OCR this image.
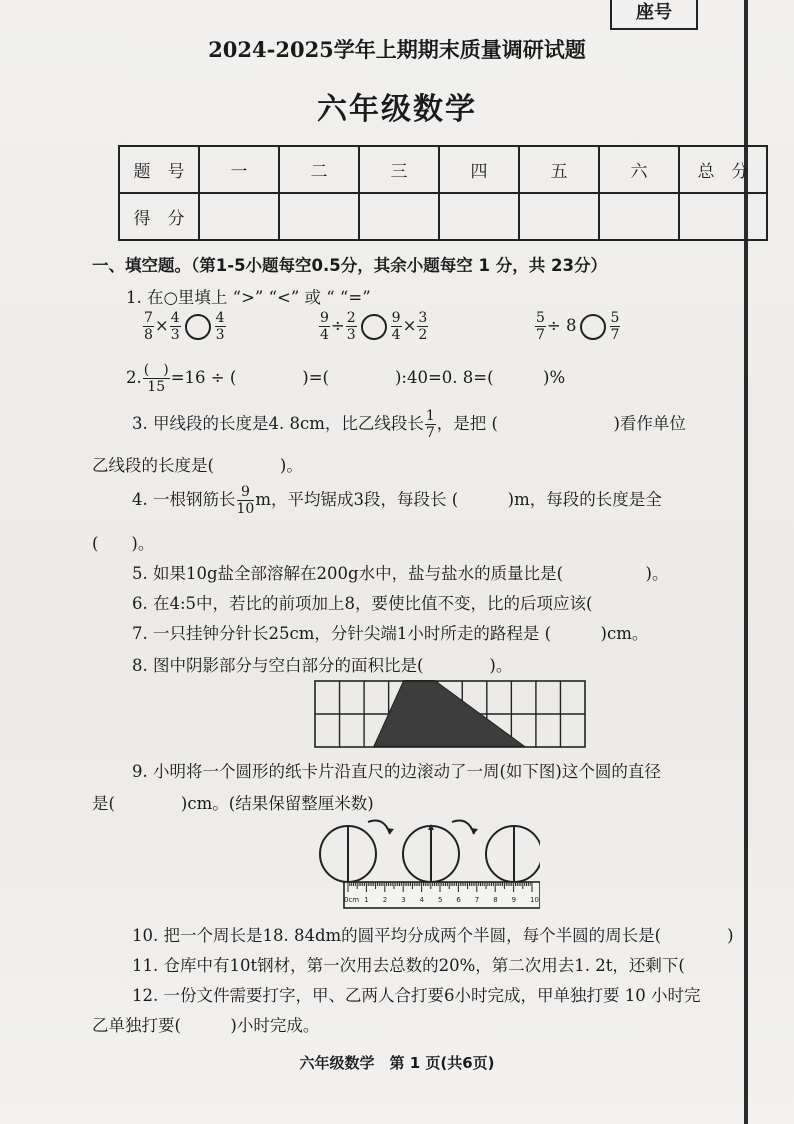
座号
2024-2025学年上期期末质量调研试题
六年级数学
题　号	一	二	三	四	五	六	总　分
得　分							
一、填空题。（第1-5小题每空0.5分，其余小题每空 1 分，共 23分）
1. 在○里填上 “>” “<” 或 “ “=”
$\frac{7}{8} \times \frac{4}{3} \frac{4}{3}$	$\frac{9}{4} \div \frac{2}{3} \frac{9}{4} \times \frac{3}{2}$	$\frac{5}{7} \div 8 \frac{5}{7}$
2. $\frac{( )}{15} =16$ ÷ (　　　　)=(　　　　):40=0. 8=(　　　)%
3. 甲线段的长度是4. 8cm，比乙线段长 $\frac{1}{7}$ ，是把 (　　　　　　　)看作单位
乙线段的长度是(　　　　)。
4. 一根钢筋长 $\frac{9}{10}$ m，平均锯成3段，每段长 (　　　)m，每段的长度是全
(　　)。
5. 如果10g盐全部溶解在200g水中，盐与盐水的质量比是(　　　　　)。
6. 在4:5中，若比的前项加上8，要使比值不变，比的后项应该(
7. 一只挂钟分针长25cm，分针尖端1小时所走的路程是 (　　　)cm。
8. 图中阴影部分与空白部分的面积比是(　　　　)。
9. 小明将一个圆形的纸卡片沿直尺的边滚动了一周(如下图)这个圆的直径
是(　　　　)cm。(结果保留整厘米数)
0cm 1 2 3 4 5 6 7 8 9 10
10. 把一个周长是18. 84dm的圆平均分成两个半圆，每个半圆的周长是(　　　　)
11. 仓库中有10t钢材，第一次用去总数的20%，第二次用去1. 2t，还剩下(
12. 一份文件需要打字，甲、乙两人合打要6小时完成，甲单独打要 10 小时完
乙单独打要(　　　)小时完成。
六年级数学　第 1 页(共6页)
